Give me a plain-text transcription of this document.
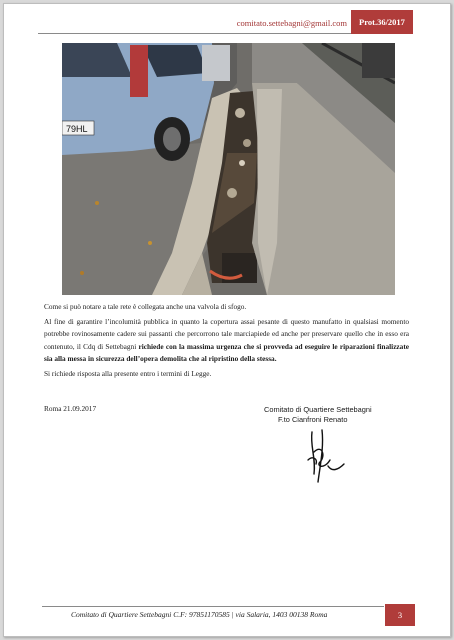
comitato.settebagni@gmail.com	Prot.36/2017
79HL

Come si può notare a tale rete è collegata anche una valvola di sfogo.

Al fine di garantire l’incolumità pubblica in quanto la copertura assai pesante di questo manufatto in qualsiasi momento potrebbe rovinosamente cadere sui passanti che percorrono tale marciapiede ed anche per preservare quello che in esso era contenuto, il Cdq di Settebagni richiede con la massima urgenza che si provveda ad eseguire le riparazioni finalizzate sia alla messa in sicurezza dell’opera demolita che al ripristino della stessa.

Si richiede risposta alla presente entro i termini di Legge.

Roma 21.09.2017	Comitato di Quartiere Settebagni
F.to Cianfroni Renato
Comitato di Quartiere Settebagni C.F: 97851170585 | via Salaria, 1403 00138 Roma	3
